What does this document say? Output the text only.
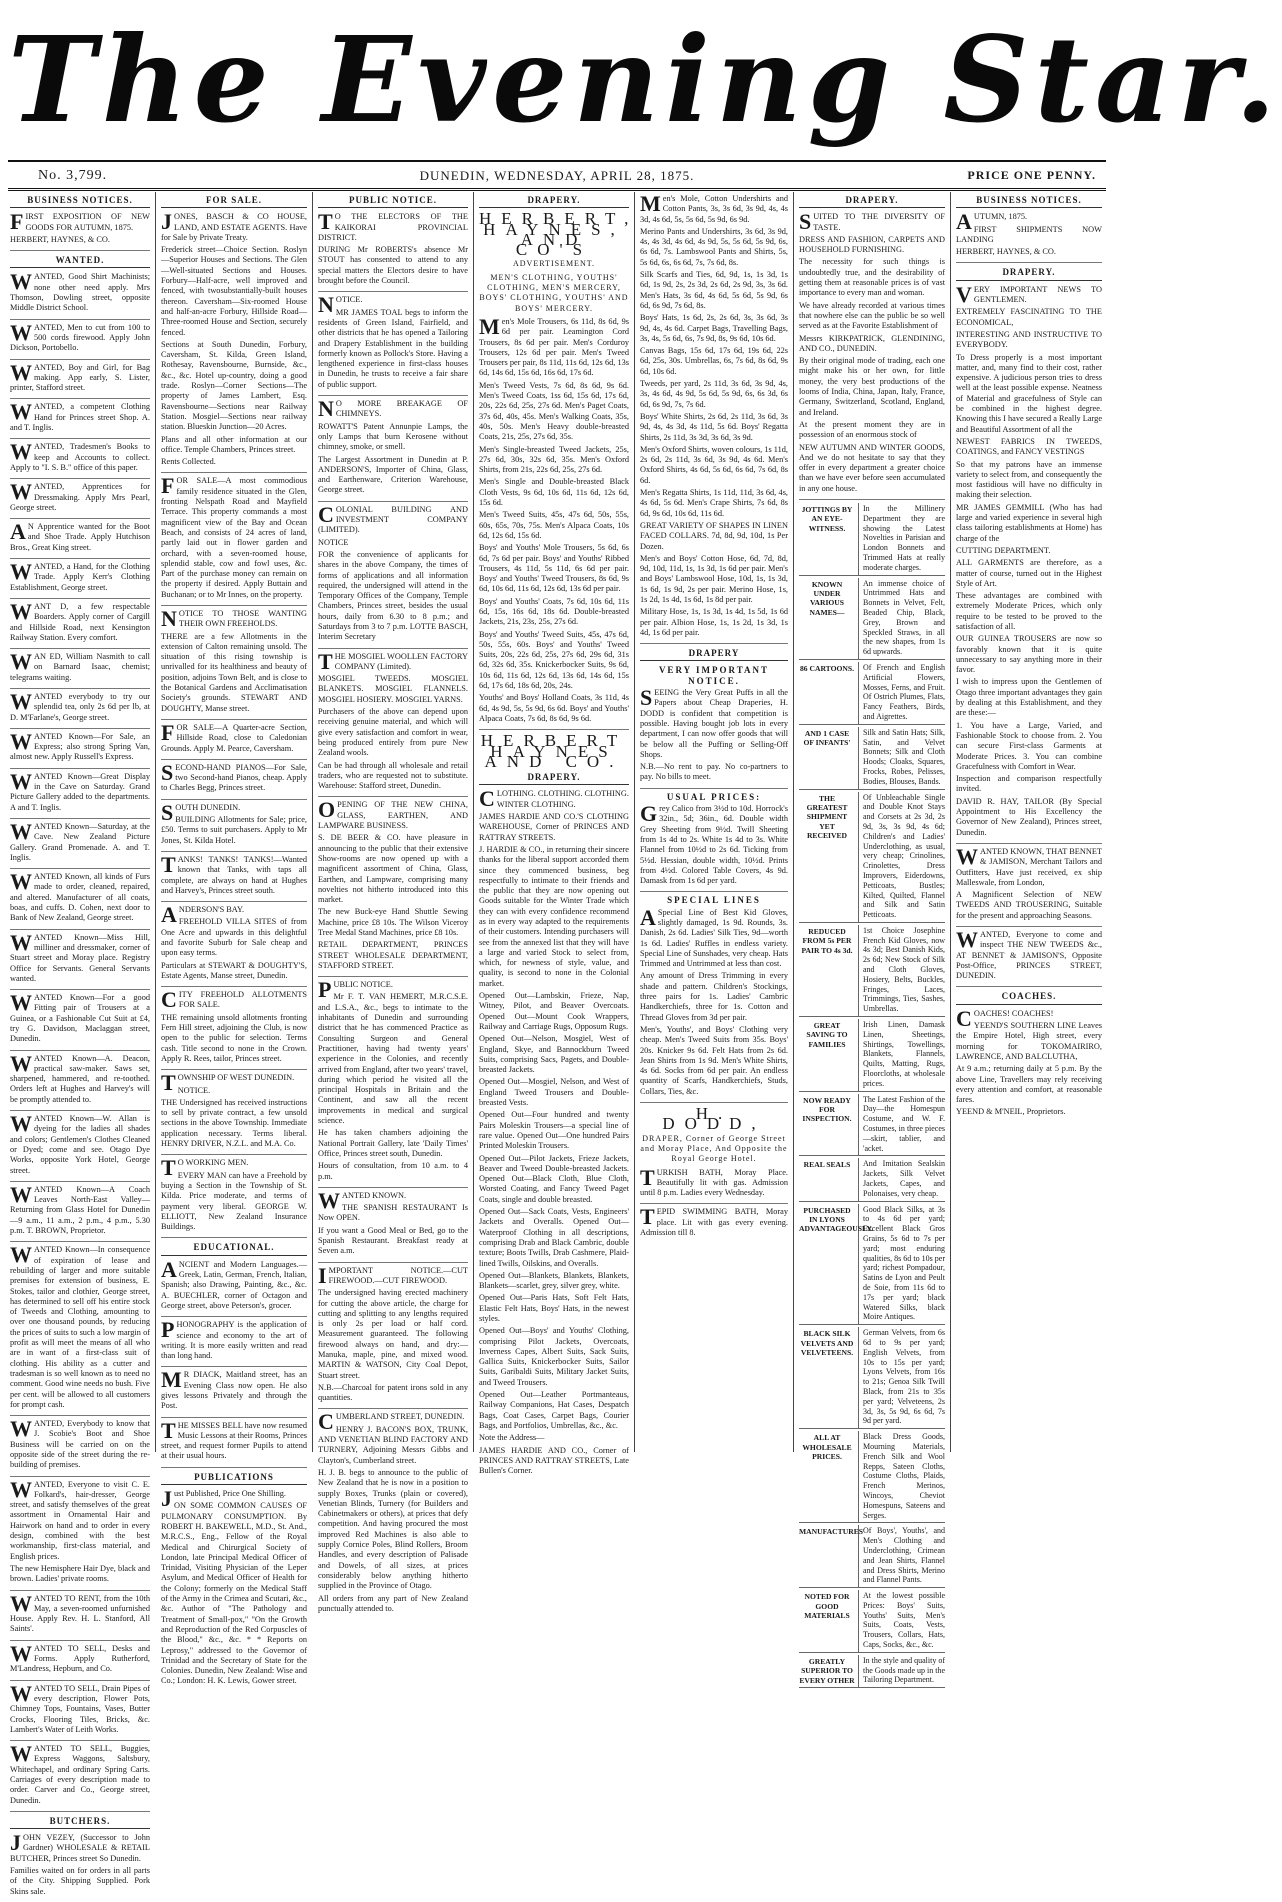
The Evening Star.
No. 3,799.	DUNEDIN, WEDNESDAY, APRIL 28, 1875.	PRICE ONE PENNY.
BUSINESS NOTICES.

FIRST EXPOSITION OF NEW GOODS FOR AUTUMN, 1875.

HERBERT, HAYNES, & CO.

WANTED.

WANTED, Good Shirt Machinists; none other need apply. Mrs Thomson, Dowling street, opposite Middle District School.

WANTED, Men to cut from 100 to 500 cords firewood. Apply John Dickson, Portobello.

WANTED, Boy and Girl, for Bag making. App early, S. Lister, printer, Stafford street.

WANTED, a competent Clothing Hand for Princes street Shop. A. and T. Inglis.

WANTED, Tradesmen's Books to keep and Accounts to collect. Apply to "I. S. B." office of this paper.

WANTED, Apprentices for Dressmaking. Apply Mrs Pearl, George street.

AN Apprentice wanted for the Boot and Shoe Trade. Apply Hutchison Bros., Great King street.

WANTED, a Hand, for the Clothing Trade. Apply Kerr's Clothing Establishment, George street.

WANT D, a few respectable Boarders. Apply corner of Cargill and Hillside Road, next Kensington Railway Station. Every comfort.

WAN ED, William Nasmith to call on Barnard Isaac, chemist; telegrams waiting.

WANTED everybody to try our splendid tea, only 2s 6d per lb, at D. M'Farlane's, George street.

WANTED Known—For Sale, an Express; also strong Spring Van, almost new. Apply Russell's Express.

WANTED Known—Great Display in the Cave on Saturday. Grand Picture Gallery added to the departments. A and T. Inglis.

WANTED Known—Saturday, at the Cave. New Zealand Picture Gallery. Grand Promenade. A. and T. Inglis.

WANTED Known, all kinds of Furs made to order, cleaned, repaired, and altered. Manufacturer of all coats, boas, and cuffs. D. Cohen, next door to Bank of New Zealand, George street.

WANTED Known—Miss Hill, milliner and dressmaker, corner of Stuart street and Moray place. Registry Office for Servants. General Servants wanted.

WANTED Known—For a good Fitting pair of Trousers at a Guinea, or a Fashionable Cut Suit at £4, try G. Davidson, Maclaggan street, Dunedin.

WANTED Known—A. Deacon, practical saw-maker. Saws set, sharpened, hammered, and re-toothed. Orders left at Hughes and Harvey's will be promptly attended to.

WANTED Known—W. Allan is dyeing for the ladies all shades and colors; Gentlemen's Clothes Cleaned or Dyed; come and see. Otago Dye Works, opposite York Hotel, George street.

WANTED Known—A Coach Leaves North-East Valley—Returning from Glass Hotel for Dunedin—9 a.m., 11 a.m., 2 p.m., 4 p.m., 5.30 p.m. T. BROWN, Proprietor.

WANTED Known—In consequence of expiration of lease and rebuilding of larger and more suitable premises for extension of business, E. Stokes, tailor and clothier, George street, has determined to sell off his entire stock of Tweeds and Clothing, amounting to over one thousand pounds, by reducing the prices of suits to such a low margin of profit as will meet the means of all who are in want of a first-class suit of clothing. His ability as a cutter and tradesman is so well known as to need no comment. Good wine needs no bush. Five per cent. will be allowed to all customers for prompt cash.

WANTED, Everybody to know that J. Scobie's Boot and Shoe Business will be carried on on the opposite side of the street during the re-building of premises.

WANTED, Everyone to visit C. E. Folkard's, hair-dresser, George street, and satisfy themselves of the great assortment in Ornamental Hair and Hairwork on hand and to order in every design, combined with the best workmanship, first-class material, and English prices.

The new Hemisphere Hair Dye, black and brown. Ladies' private rooms.

WANTED TO RENT, from the 10th May, a seven-roomed unfurnished House. Apply Rev. H. L. Stanford, All Saints'.

WANTED TO SELL, Desks and Forms. Apply Rutherford, M'Landress, Hepburn, and Co.

WANTED TO SELL, Drain Pipes of every description, Flower Pots, Chimney Tops, Fountains, Vases, Butter Crocks, Flooring Tiles, Bricks, &c. Lambert's Water of Leith Works.

WANTED TO SELL, Buggies, Express Waggons, Saltsbury, Whitechapel, and ordinary Spring Carts. Carriages of every description made to order. Carver and Co., George street, Dunedin.

BUTCHERS.

JOHN VEZEY, (Successor to John Gardner) WHOLESALE & RETAIL BUTCHER, Princes street So Dunedin.

Families waited on for orders in all parts of the City. Shipping Supplied. Pork Skins sale.

FOR SALE.

JONES, BASCH & CO HOUSE, LAND, AND ESTATE AGENTS. Have for Sale by Private Treaty.

Frederick street—Choice Section. Roslyn—Superior Houses and Sections. The Glen—Well-situated Sections and Houses. Forbury—Half-acre, well improved and fenced, with twosubstantially-built houses thereon. Caversham—Six-roomed House and half-an-acre Forbury, Hillside Road—Three-roomed House and Section, securely fenced.

Sections at South Dunedin, Forbury, Caversham, St. Kilda, Green Island, Rothesay, Ravensbourne, Burnside, &c., &c., &c. Hotel up-country, doing a good trade. Roslyn—Corner Sections—The property of James Lambert, Esq. Ravensbourne—Sections near Railway Station. Mosgiel—Sections near railway station. Blueskin Junction—20 Acres.

Plans and all other information at our office. Temple Chambers, Princes street.

Rents Collected.

FOR SALE—A most commodious family residence situated in the Glen, fronting Nelspath Road and Mayfield Terrace. This property commands a most magnificent view of the Bay and Ocean Beach, and consists of 24 acres of land, partly laid out in flower garden and orchard, with a seven-roomed house, splendid stable, cow and fowl uses, &c. Part of the purchase money can remain on the property if desired. Apply Buttain and Buchanan; or to Mr Innes, on the property.

NOTICE TO THOSE WANTING THEIR OWN FREEHOLDS.

THERE are a few Allotments in the extension of Calton remaining unsold. The situation of this rising township is unrivalled for its healthiness and beauty of position, adjoins Town Belt, and is close to the Botanical Gardens and Acclimatisation Society's grounds. STEWART AND DOUGHTY, Manse street.

FOR SALE—A Quarter-acre Section, Hillside Road, close to Caledonian Grounds. Apply M. Pearce, Caversham.

SECOND-HAND PIANOS—For Sale, two Second-hand Pianos, cheap. Apply to Charles Begg, Princes street.

SOUTH DUNEDIN.

BUILDING Allotments for Sale; price, £50. Terms to suit purchasers. Apply to Mr Jones, St. Kilda Hotel.

TANKS! TANKS! TANKS!—Wanted known that Tanks, with taps all complete, are always on hand at Hughes and Harvey's, Princes street south.

ANDERSON'S BAY.

FREEHOLD VILLA SITES of from One Acre and upwards in this delightful and favorite Suburb for Sale cheap and upon easy terms.

Particulars at STEWART & DOUGHTY'S, Estate Agents, Manse street, Dunedin.

CITY FREEHOLD ALLOTMENTS FOR SALE.

THE remaining unsold allotments fronting Fern Hill street, adjoining the Club, is now open to the public for selection. Terms cash. Title second to none in the Crown. Apply R. Rees, tailor, Princes street.

TOWNSHIP OF WEST DUNEDIN.

NOTICE.

THE Undersigned has received instructions to sell by private contract, a few unsold sections in the above Township. Immediate application necessary. Terms liberal. HENRY DRIVER, N.Z.L. and M.A. Co.

TO WORKING MEN.

EVERY MAN can have a Freehold by buying a Section in the Township of St. Kilda. Price moderate, and terms of payment very liberal. GEORGE W. ELLIOTT, New Zealand Insurance Buildings.

EDUCATIONAL.

ANCIENT and Modern Languages.—Greek, Latin, German, French, Italian, Spanish; also Drawing, Painting, &c., &c. A. BUECHLER, corner of Octagon and George street, above Peterson's, grocer.

PHONOGRAPHY is the application of science and economy to the art of writing. It is more easily written and read than long hand.

MR DIACK, Maitland street, has an Evening Class now open. He also gives lessons Privately and through the Post.

THE MISSES BELL have now resumed Music Lessons at their Rooms, Princes street, and request former Pupils to attend at their usual hours.

PUBLICATIONS

Just Published, Price One Shilling.

ON SOME COMMON CAUSES OF PULMONARY CONSUMPTION. By ROBERT H. BAKEWELL, M.D., St. And., M.R.C.S., Eng., Fellow of the Royal Medical and Chirurgical Society of London, late Principal Medical Officer of Trinidad, Visiting Physician of the Leper Asylum, and Medical Officer of Health for the Colony; formerly on the Medical Staff of the Army in the Crimea and Scutari, &c., &c. Author of "The Pathology and Treatment of Small-pox," "On the Growth and Reproduction of the Red Corpuscles of the Blood," &c., &c. * * Reports on Leprosy," addressed to the Governor of Trinidad and the Secretary of State for the Colonies. Dunedin, New Zealand: Wise and Co.; London: H. K. Lewis, Gower street.

PUBLIC NOTICE.

TO THE ELECTORS OF THE KAIKORAI PROVINCIAL DISTRICT.

DURING Mr ROBERTS's absence Mr STOUT has consented to attend to any special matters the Electors desire to have brought before the Council.

NOTICE.

MR JAMES TOAL begs to inform the residents of Green Island, Fairfield, and other districts that he has opened a Tailoring and Drapery Establishment in the building formerly known as Pollock's Store. Having a lengthened experience in first-class houses in Dunedin, he trusts to receive a fair share of public support.

NO MORE BREAKAGE OF CHIMNEYS.

ROWATT'S Patent Annunpie Lamps, the only Lamps that burn Kerosene without chimney, smoke, or smell.

The Largest Assortment in Dunedin at P. ANDERSON'S, Importer of China, Glass, and Earthenware, Criterion Warehouse, George street.

COLONIAL BUILDING AND INVESTMENT COMPANY (LIMITED).

NOTICE

FOR the convenience of applicants for shares in the above Company, the times of forms of applications and all information required, the undersigned will attend in the Temporary Offices of the Company, Temple Chambers, Princes street, besides the usual hours, daily from 6.30 to 8 p.m.; and Saturdays from 3 to 7 p.m. LOTTE BASCH, Interim Secretary

THE MOSGIEL WOOLLEN FACTORY COMPANY (Limited).

MOSGIEL TWEEDS. MOSGIEL BLANKETS. MOSGIEL FLANNELS. MOSGIEL HOSIERY. MOSGIEL YARNS.

Purchasers of the above can depend upon receiving genuine material, and which will give every satisfaction and comfort in wear, being produced entirely from pure New Zealand wools.

Can be had through all wholesale and retail traders, who are requested not to substitute. Warehouse: Stafford street, Dunedin.

OPENING OF THE NEW CHINA, GLASS, EARTHEN, AND LAMPWARE BUSINESS.

S. DE BEER & CO. have pleasure in announcing to the public that their extensive Show-rooms are now opened up with a magnificent assortment of China, Glass, Earthen, and Lampware, comprising many novelties not hitherto introduced into this market.

The new Buck-eye Hand Shuttle Sewing Machine, price £8 10s. The Wilson Viceroy Tree Medal Stand Machines, price £8 10s.

RETAIL DEPARTMENT, PRINCES STREET WHOLESALE DEPARTMENT, STAFFORD STREET.

PUBLIC NOTICE.

Mr F. T. VAN HEMERT, M.R.C.S.E. and L.S.A., &c., begs to intimate to the inhabitants of Dunedin and surrounding district that he has commenced Practice as Consulting Surgeon and General Practitioner, having had twenty years' experience in the Colonies, and recently arrived from England, after two years' travel, during which period he visited all the principal Hospitals in Britain and the Continent, and saw all the recent improvements in medical and surgical science.

He has taken chambers adjoining the National Portrait Gallery, late 'Daily Times' Office, Princes street south, Dunedin.

Hours of consultation, from 10 a.m. to 4 p.m.

WANTED KNOWN.

THE SPANISH RESTAURANT Is Now OPEN.

If you want a Good Meal or Bed, go to the Spanish Restaurant. Breakfast ready at Seven a.m.

IMPORTANT NOTICE.—CUT FIREWOOD.—CUT FIREWOOD.

The undersigned having erected machinery for cutting the above article, the charge for cutting and splitting to any lengths required is only 2s per load or half cord. Measurement guaranteed. The following firewood always on hand, and dry:—Manuka, maple, pine, and mixed wood. MARTIN & WATSON, City Coal Depot, Stuart street.

N.B.—Charcoal for patent irons sold in any quantities.

CUMBERLAND STREET, DUNEDIN.

HENRY J. BACON'S BOX, TRUNK, AND VENETIAN BLIND FACTORY AND TURNERY, Adjoining Messrs Gibbs and Clayton's, Cumberland street.

H. J. B. begs to announce to the public of New Zealand that he is now in a position to supply Boxes, Trunks (plain or covered), Venetian Blinds, Turnery (for Builders and Cabinetmakers or others), at prices that defy competition. And having procured the most improved Red Machines is also able to supply Cornice Poles, Blind Rollers, Broom Handles, and every description of Palisade and Dowels, of all sizes, at prices considerably below anything hitherto supplied in the Province of Otago.

All orders from any part of New Zealand punctually attended to.

DRAPERY.
HERBERT, HAYNES, AND CO'S
ADVERTISEMENT.
MEN'S CLOTHING, YOUTHS' CLOTHING, MEN'S MERCERY, BOYS' CLOTHING, YOUTHS' AND BOYS' MERCERY.

Men's Mole Trousers, 6s 11d, 8s 6d, 9s 6d per pair. Leamington Cord Trousers, 8s 6d per pair. Men's Corduroy Trousers, 12s 6d per pair. Men's Tweed Trousers per pair, 8s 11d, 11s 6d, 12s 6d, 13s 6d, 14s 6d, 15s 6d, 16s 6d, 17s 6d.

Men's Tweed Vests, 7s 6d, 8s 6d, 9s 6d. Men's Tweed Coats, 1ss 6d, 15s 6d, 17s 6d, 20s, 22s 6d, 25s, 27s 6d. Men's Paget Coats, 37s 6d, 40s, 45s. Men's Walking Coats, 35s, 40s, 50s. Men's Heavy double-breasted Coats, 21s, 25s, 27s 6d, 35s.

Men's Single-breasted Tweed Jackets, 25s, 27s 6d, 30s, 32s 6d, 35s. Men's Oxford Shirts, from 21s, 22s 6d, 25s, 27s 6d.

Men's Single and Double-breasted Black Cloth Vests, 9s 6d, 10s 6d, 11s 6d, 12s 6d, 15s 6d.

Men's Tweed Suits, 45s, 47s 6d, 50s, 55s, 60s, 65s, 70s, 75s. Men's Alpaca Coats, 10s 6d, 12s 6d, 15s 6d.

Boys' and Youths' Mole Trousers, 5s 6d, 6s 6d, 7s 6d per pair. Boys' and Youths' Ribbed Trousers, 4s 11d, 5s 11d, 6s 6d per pair. Boys' and Youths' Tweed Trousers, 8s 6d, 9s 6d, 10s 6d, 11s 6d, 12s 6d, 13s 6d per pair.

Boys' and Youths' Coats, 7s 6d, 10s 6d, 11s 6d, 15s, 16s 6d, 18s 6d. Double-breasted Jackets, 21s, 23s, 25s, 27s 6d.

Boys' and Youths' Tweed Suits, 45s, 47s 6d, 50s, 55s, 60s. Boys' and Youths' Tweed Suits, 20s, 22s 6d, 25s, 27s 6d, 29s 6d, 31s 6d, 32s 6d, 35s. Knickerbocker Suits, 9s 6d, 10s 6d, 11s 6d, 12s 6d, 13s 6d, 14s 6d, 15s 6d, 17s 6d, 18s 6d, 20s, 24s.

Youths' and Boys' Holland Coats, 3s 11d, 4s 6d, 4s 9d, 5s, 5s 9d, 6s 6d. Boys' and Youths' Alpaca Coats, 7s 6d, 8s 6d, 9s 6d.

HERBERT HAYNES AND CO.
DRAPERY.

CLOTHING. CLOTHING. CLOTHING. WINTER CLOTHING.

JAMES HARDIE AND CO.'S CLOTHING WAREHOUSE, Corner of PRINCES AND RATTRAY STREETS.

J. HARDIE & CO., in returning their sincere thanks for the liberal support accorded them since they commenced business, beg respectfully to intimate to their friends and the public that they are now opening out Goods suitable for the Winter Trade which they can with every confidence recommend as in every way adapted to the requirements of their customers. Intending purchasers will see from the annexed list that they will have a large and varied Stock to select from, which, for newness of style, value, and quality, is second to none in the Colonial market.

Opened Out—Lambskin, Frieze, Nap, Witney, Pilot, and Beaver Overcoats. Opened Out—Mount Cook Wrappers, Railway and Carriage Rugs, Opposum Rugs.

Opened Out—Nelson, Mosgiel, West of England, Skye, and Bannockburn Tweed Suits, comprising Sacs, Pagets, and Double-breasted Jackets.

Opened Out—Mosgiel, Nelson, and West of England Tweed Trousers and Double-breasted Vests.

Opened Out—Four hundred and twenty Pairs Moleskin Trousers—a special line of rare value. Opened Out—One hundred Pairs Printed Moleskin Trousers.

Opened Out—Pilot Jackets, Frieze Jackets, Beaver and Tweed Double-breasted Jackets. Opened Out—Black Cloth, Blue Cloth, Worsted Coating, and Fancy Tweed Paget Coats, single and double breasted.

Opened Out—Sack Coats, Vests, Engineers' Jackets and Overalls. Opened Out—Waterproof Clothing in all descriptions, comprising Drab and Black Cambric, double texture; Boots Twills, Drab Cashmere, Plaid-lined Twills, Oilskins, and Overalls.

Opened Out—Blankets, Blankets, Blankets, Blankets—scarlet, grey, silver grey, white.

Opened Out—Paris Hats, Soft Felt Hats, Elastic Felt Hats, Boys' Hats, in the newest styles.

Opened Out—Boys' and Youths' Clothing, comprising Pilot Jackets, Overcoats, Inverness Capes, Albert Suits, Sack Suits, Gallica Suits, Knickerbocker Suits, Sailor Suits, Garibaldi Suits, Military Jacket Suits, and Tweed Trousers.

Opened Out—Leather Portmanteaus, Railway Companions, Hat Cases, Despatch Bags, Coat Cases, Carpet Bags, Courier Bags, and Portfolios, Umbrellas, &c., &c.

Note the Address—

JAMES HARDIE AND CO., Corner of PRINCES AND RATTRAY STREETS, Late Bullen's Corner.

Men's Mole, Cotton Undershirts and Cotton Pants, 3s, 3s 6d, 3s 9d, 4s, 4s 3d, 4s 6d, 5s, 5s 6d, 5s 9d, 6s 9d.

Merino Pants and Undershirts, 3s 6d, 3s 9d, 4s, 4s 3d, 4s 6d, 4s 9d, 5s, 5s 6d, 5s 9d, 6s, 6s 6d, 7s. Lambswool Pants and Shirts, 5s, 5s 6d, 6s, 6s 6d, 7s, 7s 6d, 8s.

Silk Scarfs and Ties, 6d, 9d, 1s, 1s 3d, 1s 6d, 1s 9d, 2s, 2s 3d, 2s 6d, 2s 9d, 3s, 3s 6d. Men's Hats, 3s 6d, 4s 6d, 5s 6d, 5s 9d, 6s 6d, 6s 9d, 7s 6d, 8s.

Boys' Hats, 1s 6d, 2s, 2s 6d, 3s, 3s 6d, 3s 9d, 4s, 4s 6d. Carpet Bags, Travelling Bags, 3s, 4s, 5s 6d, 6s, 7s 9d, 8s, 9s 6d, 10s 6d.

Canvas Bags, 15s 6d, 17s 6d, 19s 6d, 22s 6d, 25s, 30s. Umbrellas, 6s, 7s 6d, 8s 6d, 9s 6d, 10s 6d.

Tweeds, per yard, 2s 11d, 3s 6d, 3s 9d, 4s, 3s, 4s 6d, 4s 9d, 5s 6d, 5s 9d, 6s, 6s 3d, 6s 6d, 6s 9d, 7s, 7s 6d.

Boys' White Shirts, 2s 6d, 2s 11d, 3s 6d, 3s 9d, 4s, 4s 3d, 4s 11d, 5s 6d. Boys' Regatta Shirts, 2s 11d, 3s 3d, 3s 6d, 3s 9d.

Men's Oxford Shirts, woven colours, 1s 11d, 2s 6d, 2s 11d, 3s 6d, 3s 9d, 4s 6d. Men's Oxford Shirts, 4s 6d, 5s 6d, 6s 6d, 7s 6d, 8s 6d.

Men's Regatta Shirts, 1s 11d, 11d, 3s 6d, 4s, 4s 6d, 5s 6d. Men's Crape Shirts, 7s 6d, 8s 6d, 9s 6d, 10s 6d, 11s 6d.

GREAT VARIETY OF SHAPES IN LINEN FACED COLLARS. 7d, 8d, 9d, 10d, 1s Per Dozen.

Men's and Boys' Cotton Hose, 6d, 7d, 8d, 9d, 10d, 11d, 1s, 1s 3d, 1s 6d per pair. Men's and Boys' Lambswool Hose, 10d, 1s, 1s 3d, 1s 6d, 1s 9d, 2s per pair. Merino Hose, 1s, 1s 2d, 1s 4d, 1s 6d, 1s 8d per pair.

Military Hose, 1s, 1s 3d, 1s 4d, 1s 5d, 1s 6d per pair. Albion Hose, 1s, 1s 2d, 1s 3d, 1s 4d, 1s 6d per pair.

DRAPERY
VERY IMPORTANT NOTICE.

SEEING the Very Great Puffs in all the Papers about Cheap Draperies, H. DODD is confident that competition is possible. Having bought job lots in every department, I can now offer goods that will be below all the Puffing or Selling-Off Shops.

N.B.—No rent to pay. No co-partners to pay. No bills to meet.

USUAL PRICES:

Grey Calico from 3½d to 10d. Horrock's 32in., 5d; 36in., 6d. Double width Grey Sheeting from 9½d. Twill Sheeting from 1s 4d to 2s. White 1s 4d to 3s. White Flannel from 10½d to 2s 6d. Ticking from 5½d. Hessian, double width, 10½d. Prints from 4½d. Colored Table Covers, 4s 9d. Damask from 1s 6d per yard.

SPECIAL LINES

ASpecial Line of Best Kid Gloves, slightly damaged, 1s 9d. Rounds, 3s. Danish, 2s 6d. Ladies' Silk Ties, 9d—worth 1s 6d. Ladies' Ruffles in endless variety. Special Line of Sunshades, very cheap. Hats Trimmed and Untrimmed at less than cost.

Any amount of Dress Trimming in every shade and pattern. Children's Stockings, three pairs for 1s. Ladies' Cambric Handkerchiefs, three for 1s. Cotton and Thread Gloves from 3d per pair.

Men's, Youths', and Boys' Clothing very cheap. Men's Tweed Suits from 35s. Boys' 20s. Knicker 9s 6d. Felt Hats from 2s 6d. Jean Shirts from 1s 9d. Men's White Shirts, 4s 6d. Socks from 6d per pair. An endless quantity of Scarfs, Handkerchiefs, Studs, Collars, Ties, &c.

H. DODD,
DRAPER, Corner of George Street and Moray Place, And Opposite the Royal George Hotel.

TURKISH BATH, Moray Place. Beautifully lit with gas. Admission until 8 p.m. Ladies every Wednesday.

TEPID SWIMMING BATH, Moray place. Lit with gas every evening. Admission till 8.

DRAPERY.

SUITED TO THE DIVERSITY OF TASTE.

DRESS AND FASHION, CARPETS AND HOUSEHOLD FURNISHING.

The necessity for such things is undoubtedly true, and the desirability of getting them at reasonable prices is of vast importance to every man and woman.

We have already recorded at various times that nowhere else can the public be so well served as at the Favorite Establishment of

Messrs KIRKPATRICK, GLENDINING, AND CO., DUNEDIN.

By their original mode of trading, each one might make his or her own, for little money, the very best productions of the looms of India, China, Japan, Italy, France, Germany, Switzerland, Scotland, England, and Ireland.

At the present moment they are in possession of an enormous stock of

NEW AUTUMN AND WINTER GOODS, And we do not hesitate to say that they offer in every department a greater choice than we have ever before seen accumulated in any one house.

JOTTINGS BY AN EYE-WITNESS.
In the Millinery Department they are showing the Latest Novelties in Parisian and London Bonnets and Trimmed Hats at really moderate charges.
KNOWN UNDER VARIOUS NAMES—
An immense choice of Untrimmed Hats and Bonnets in Velvet, Felt, Beaded Chip, Black, Grey, Brown and Speckled Straws, in all the new shapes, from 1s 6d upwards.
86 CARTOONS.	Of French and English Artificial Flowers, Mosses, Ferns, and Fruit. Of Ostrich Plumes, Flats, Fancy Feathers, Birds, and Aigrettes.
AND 1 CASE OF INFANTS'
Silk and Satin Hats; Silk, Satin, and Velvet Bonnets; Silk and Cloth Hoods; Cloaks, Squares, Frocks, Robes, Pelisses, Bodies, Blouses, Bands.
THE GREATEST SHIPMENT YET RECEIVED
Of Unbleachable Single and Double Knot Stays and Corsets at 2s 3d, 2s 9d, 3s, 3s 9d, 4s 6d; Children's and Ladies' Underclothing, as usual, very cheap; Crinolines, Crinolettes, Dress Improvers, Eiderdowns, Petticoats, Bustles; Kilted, Quilted, Flannel and Silk and Satin Petticoats.
REDUCED FROM 5s PER PAIR TO 4s 3d.
1st Choice Josephine French Kid Gloves, now 4s 3d; Best Danish Kids, 2s 6d; New Stock of Silk and Cloth Gloves, Hosiery, Belts, Buckles, Fringes, Laces, Trimmings, Ties, Sashes, Umbrellas.
GREAT SAVING TO FAMILIES
Irish Linen, Damask Linen, Sheetings, Shirtings, Towellings, Blankets, Flannels, Quilts, Matting, Rugs, Floorcloths, at wholesale prices.
NOW READY FOR INSPECTION.
The Latest Fashion of the Day—the Homespun Costume, and W. F. Costumes, in three pieces—skirt, tablier, and 'acket.
REAL SEALS	And Imitation Sealskin Jackets, Silk Velvet Jackets, Capes, and Polonaises, very cheap.
PURCHASED IN LYONS ADVANTAGEOUSLY.
Good Black Silks, at 3s to 4s 6d per yard; Excellent Black Gros Grains, 5s 6d to 7s per yard; most enduring qualities, 8s 6d to 10s per yard; richest Pompadour, Satins de Lyon and Peult de Soie, from 11s 6d to 17s per yard; black Watered Silks, black Moire Antiques.
BLACK SILK VELVETS AND VELVETEENS.
German Velvets, from 6s 6d to 9s per yard; English Velvets, from 10s to 15s per yard; Lyons Velvets, from 16s to 21s; Genoa Silk Twill Black, from 21s to 35s per yard; Velveteens, 2s 3d, 3s, 5s 9d, 6s 6d, 7s 9d per yard.
ALL AT WHOLESALE PRICES.
Black Dress Goods, Mourning Materials, French Silk and Wool Repps, Sateen Cloths, Costume Cloths, Plaids, French Merinos, Wincoys, Cheviot Homespuns, Sateens and Serges.
MANUFACTURES Of Boys', Youths', and Men's Clothing and Underclothing, Crimean and Jean Shirts, Flannel and Dress Shirts, Merino and Flannel Pants.
NOTED FOR GOOD MATERIALS
At the lowest possible Prices: Boys' Suits, Youths' Suits, Men's Suits, Coats, Vests, Trousers, Collars, Hats, Caps, Socks, &c., &c.
GREATLY SUPERIOR TO EVERY OTHER
In the style and quality of the Goods made up in the Tailoring Department.
BUSINESS NOTICES.

AUTUMN, 1875.

FIRST SHIPMENTS NOW LANDING

HERBERT, HAYNES, & CO.

DRAPERY.

VERY IMPORTANT NEWS TO GENTLEMEN.

EXTREMELY FASCINATING TO THE ECONOMICAL,

INTERESTING AND INSTRUCTIVE TO EVERYBODY.

To Dress properly is a most important matter, and, many find to their cost, rather expensive. A judicious person tries to dress well at the least possible expense. Neatness of Material and gracefulness of Style can be combined in the highest degree. Knowing this I have secured a Really Large and Beautiful Assortment of all the

NEWEST FABRICS IN TWEEDS, COATINGS, and FANCY VESTINGS

So that my patrons have an immense variety to select from, and consequently the most fastidious will have no difficulty in making their selection.

MR JAMES GEMMILL (Who has had large and varied experience in several high class tailoring establishments at Home) has charge of the

CUTTING DEPARTMENT.

ALL GARMENTS are therefore, as a matter of course, turned out in the Highest Style of Art.

These advantages are combined with extremely Moderate Prices, which only require to be tested to be proved to the satisfaction of all.

OUR GUINEA TROUSERS are now so favorably known that it is quite unnecessary to say anything more in their favor.

I wish to impress upon the Gentlemen of Otago three important advantages they gain by dealing at this Establishment, and they are these:—

1. You have a Large, Varied, and Fashionable Stock to choose from. 2. You can secure First-class Garments at Moderate Prices. 3. You can combine Gracefulness with Comfort in Wear.

Inspection and comparison respectfully invited.

DAVID R. HAY, TAILOR (By Special Appointment to His Excellency the Governor of New Zealand), Princes street, Dunedin.

WANTED KNOWN, THAT BENNET & JAMISON, Merchant Tailors and Outfitters, Have just received, ex ship Malleswale, from London,

A Magnificent Selection of NEW TWEEDS AND TROUSERING, Suitable for the present and approaching Seasons.

WANTED, Everyone to come and inspect THE NEW TWEEDS &c., AT BENNET & JAMISON'S, Opposite Post-Office, PRINCES STREET, DUNEDIN.

COACHES.

COACHES! COACHES!

YEEND'S SOUTHERN LINE Leaves the Empire Hotel, High street, every morning for TOKOMAIRIRO, LAWRENCE, AND BALCLUTHA,

At 9 a.m.; returning daily at 5 p.m. By the above Line, Travellers may rely receiving every attention and comfort, at reasonable fares.

YEEND & M'NEIL, Proprietors.
